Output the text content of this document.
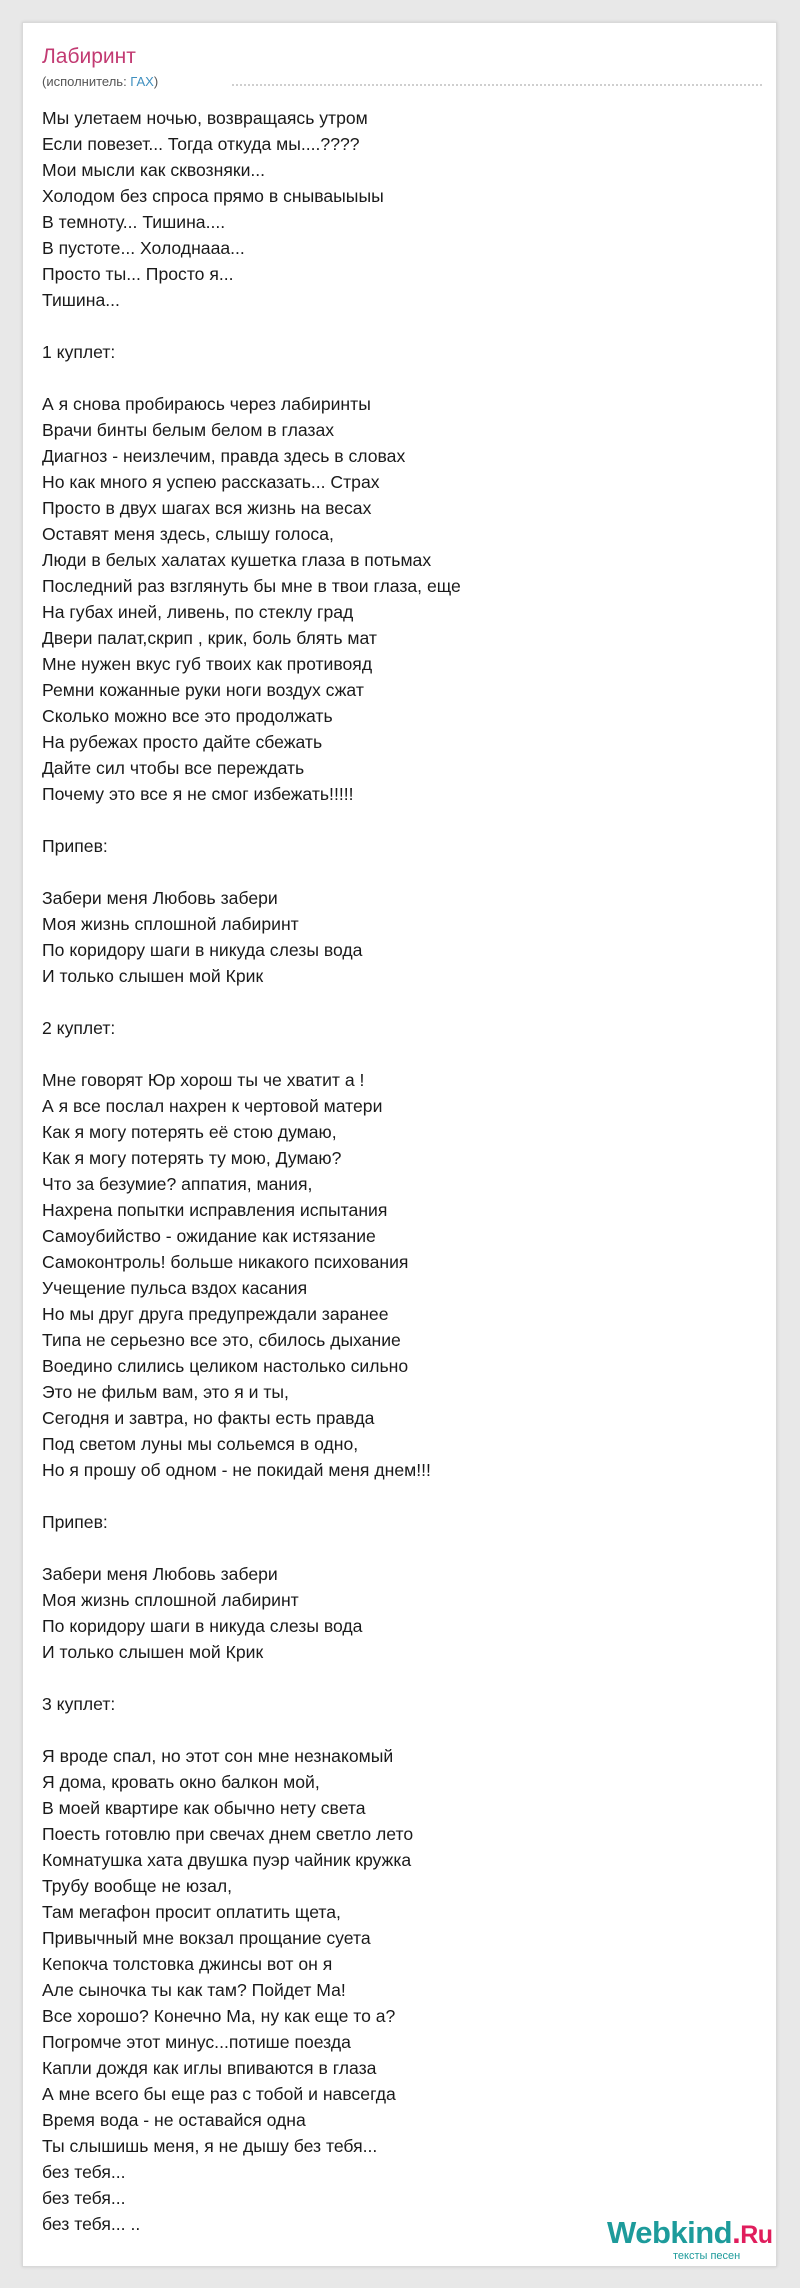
Лабиринт
(исполнитель: ГАХ)
Мы улетаем ночью, возвращаясь утром
Если повезет... Тогда откуда мы....????
Мои мысли как сквозняки...
Холодом без спроса прямо в снываыыыы
В темноту... Тишина....
В пустоте... Холоднааа...
Просто ты... Просто я...
Тишина...
1 куплет:
А я снова пробираюсь через лабиринты
Врачи бинты белым белом в глазах
Диагноз - неизлечим, правда здесь в словах
Но как много я успею рассказать... Страх
Просто в двух шагах вся жизнь на весах
Оставят меня здесь, слышу голоса,
Люди в белых халатах кушетка глаза в потьмах
Последний раз взглянуть бы мне в твои глаза, еще
На губах иней, ливень, по стеклу град
Двери палат,скрип , крик, боль блять мат
Мне нужен вкус губ твоих как противояд
Ремни кожанные руки ноги воздух сжат
Сколько можно все это продолжать
На рубежах просто дайте сбежать
Дайте сил чтобы все переждать
Почему это все я не смог избежать!!!!!
Припев:
Забери меня Любовь забери
Моя жизнь сплошной лабиринт
По коридору шаги в никуда слезы вода
И только слышен мой Крик
2 куплет:
Мне говорят Юр хорош ты че хватит а !
А я все послал нахрен к чертовой матери
Как я могу потерять её стою думаю,
Как я могу потерять ту мою, Думаю?
Что за безумие? аппатия, мания,
Нахрена попытки исправления испытания
Самоубийство - ожидание как истязание
Самоконтроль! больше никакого психования
Учещение пульса вздох касания
Но мы друг друга предупреждали заранее
Типа не серьезно все это, сбилось дыхание
Воедино слились целиком настолько сильно
Это не фильм вам, это я и ты,
Сегодня и завтра, но факты есть правда
Под светом луны мы сольемся в одно,
Но я прошу об одном - не покидай меня днем!!!
Припев:
Забери меня Любовь забери
Моя жизнь сплошной лабиринт
По коридору шаги в никуда слезы вода
И только слышен мой Крик
3 куплет:
Я вроде спал, но этот сон мне незнакомый
Я дома, кровать окно балкон мой,
В моей квартире как обычно нету света
Поесть готовлю при свечах днем светло лето
Комнатушка хата двушка пуэр чайник кружка
Трубу вообще не юзал,
Там мегафон просит оплатить щета,
Привычный мне вокзал прощание суета
Кепокча толстовка джинсы вот он я
Але сыночка ты как там? Пойдет Ма!
Все хорошо? Конечно Ма, ну как еще то а?
Погромче этот минус...потише поезда
Капли дождя как иглы впиваются в глаза
А мне всего бы еще раз с тобой и навсегда
Время вода - не оставайся одна
Ты слышишь меня, я не дышу без тебя...
без тебя...
без тебя...
без тебя... ..	Webkind.Ru
тексты песен
